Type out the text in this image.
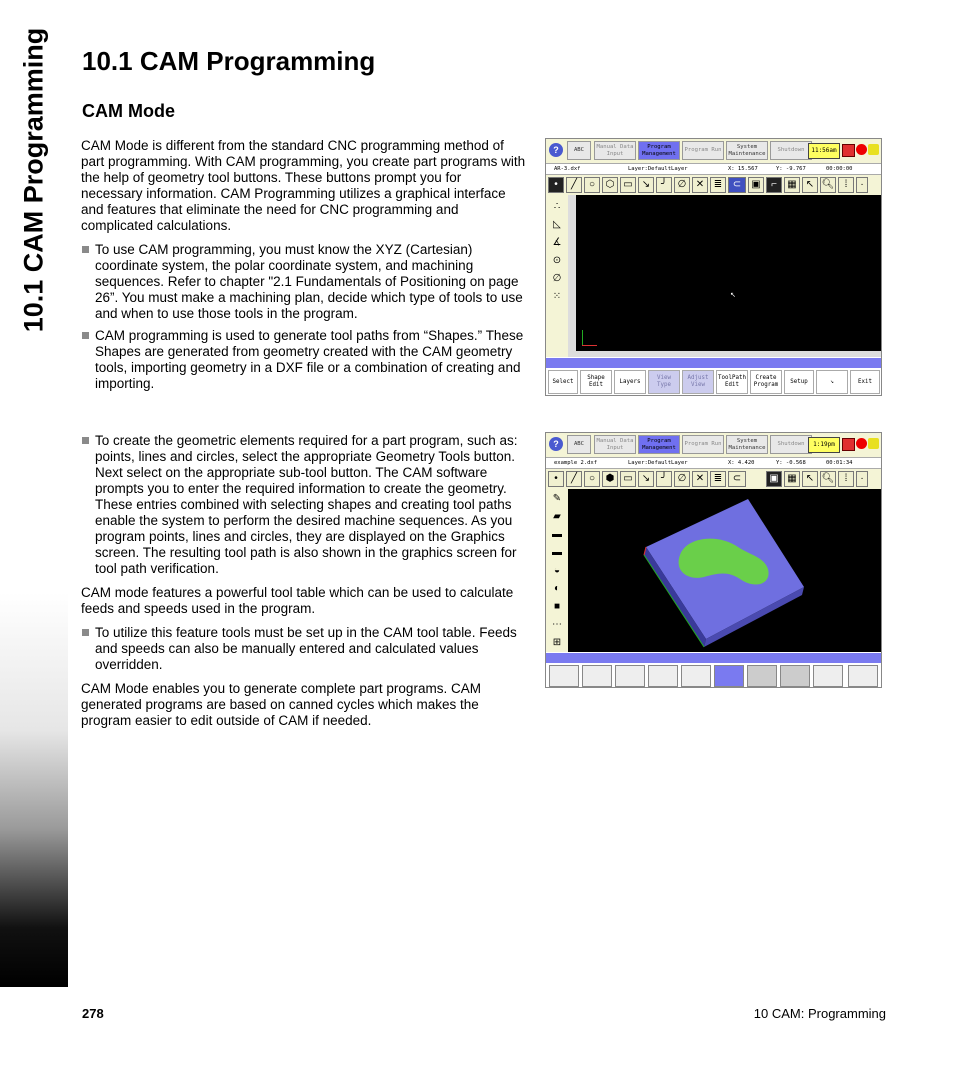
10.1 CAM Programming 10.1 CAM Programming
CAM Mode

CAM Mode is different from the standard CNC programming method of part programming. With CAM programming, you create part programs with the help of geometry tool buttons. These buttons prompt you for necessary information. CAM Programming utilizes a graphical interface and features that eliminate the need for CNC programming and complicated calculations.

To use CAM programming, you must know the XYZ (Cartesian) coordinate system, the polar coordinate system, and machining sequences. Refer to chapter "2.1 Fundamentals of Positioning on page 26”. You must make a machining plan, decide which type of tools to use and when to use those tools in the program.
CAM programming is used to generate tool paths from “Shapes.” These Shapes are generated from geometry created with the CAM geometry tools, importing geometry in a DXF file or a combination of creating and importing.
To create the geometric elements required for a part program, such as: points, lines and circles, select the appropriate Geometry Tools button. Next select on the appropriate sub-tool button. The CAM software prompts you to enter the required information to create the geometry. These entries combined with selecting shapes and creating tool paths enable the system to perform the desired machine sequences. As you program points, lines and circles, they are displayed on the Graphics screen. The resulting tool path is also shown in the graphics screen for tool path verification.

CAM mode features a powerful tool table which can be used to calculate feeds and speeds used in the program.

To utilize this feature tools must be set up in the CAM tool table. Feeds and speeds can also be manually entered and calculated values overridden.

CAM Mode enables you to generate complete part programs. CAM generated programs are based on canned cycles which makes the program easier to edit outside of CAM if needed.

?	ABC
Manual Data Input
Program Management
Program Run
System Maintenance
Shutdown	11:56am
AR-3.dxf	Layer:DefaultLayer	X: 15.567	Y: -9.767	00:00:00
•	╱	○	⬡ ▭ ↘	╯	∅ ✕ ≣	⊂	▣	⌐	▦ ↖ 🔍︎	⁞	·
∴
◺
∡
⊙
∅
⁙	↖
Select
Shape Edit
Layers
View Type
Adjust View
ToolPath Edit
Create Program
Setup	↘	Exit
?	ABC
Manual Data Input
Program Management
Program Run
System Maintenance
Shutdown	1:19pm
example 2.dxf	Layer:DefaultLayer	X: 4.420	Y: -0.568	00:01:34
•	╱	○	⬢ ▭ ↘	╯	∅ ✕ ≣	⊂	▣ ▦ ↖ 🔍︎	⁞	·
✎
▰
▬
▬
◒
◐
■
⋯
⊞
278	10 CAM: Programming
